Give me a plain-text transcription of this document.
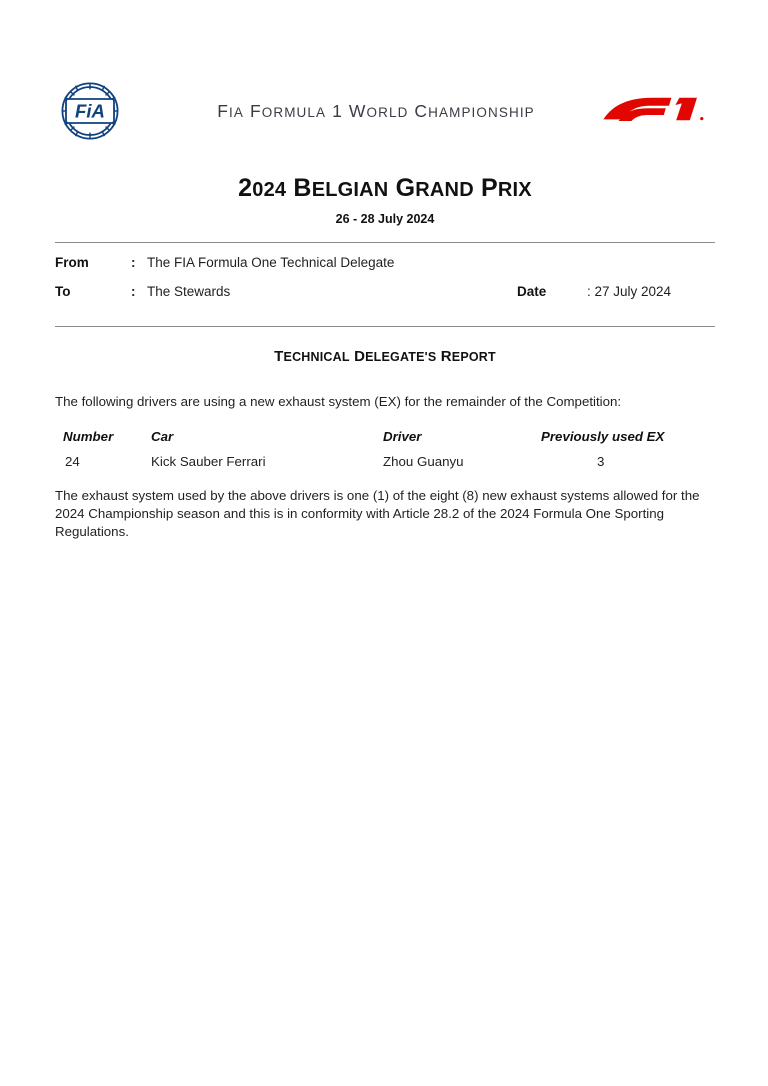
FiA	FIA FORMULA 1 WORLD CHAMPIONSHIP
2024 BELGIAN GRAND PRIX
26 - 28 July 2024
From	: The FIA Formula One Technical Delegate
To	: The Stewards	Date	: 27 July 2024
TECHNICAL DELEGATE'S REPORT
The following drivers are using a new exhaust system (EX) for the remainder of the Competition:
Number	Car	Driver	Previously used EX
24	Kick Sauber Ferrari	Zhou Guanyu	3
The exhaust system used by the above drivers is one (1) of the eight (8) new exhaust systems allowed for the 2024 Championship season and this is in conformity with Article 28.2 of the 2024 Formula One Sporting Regulations.
